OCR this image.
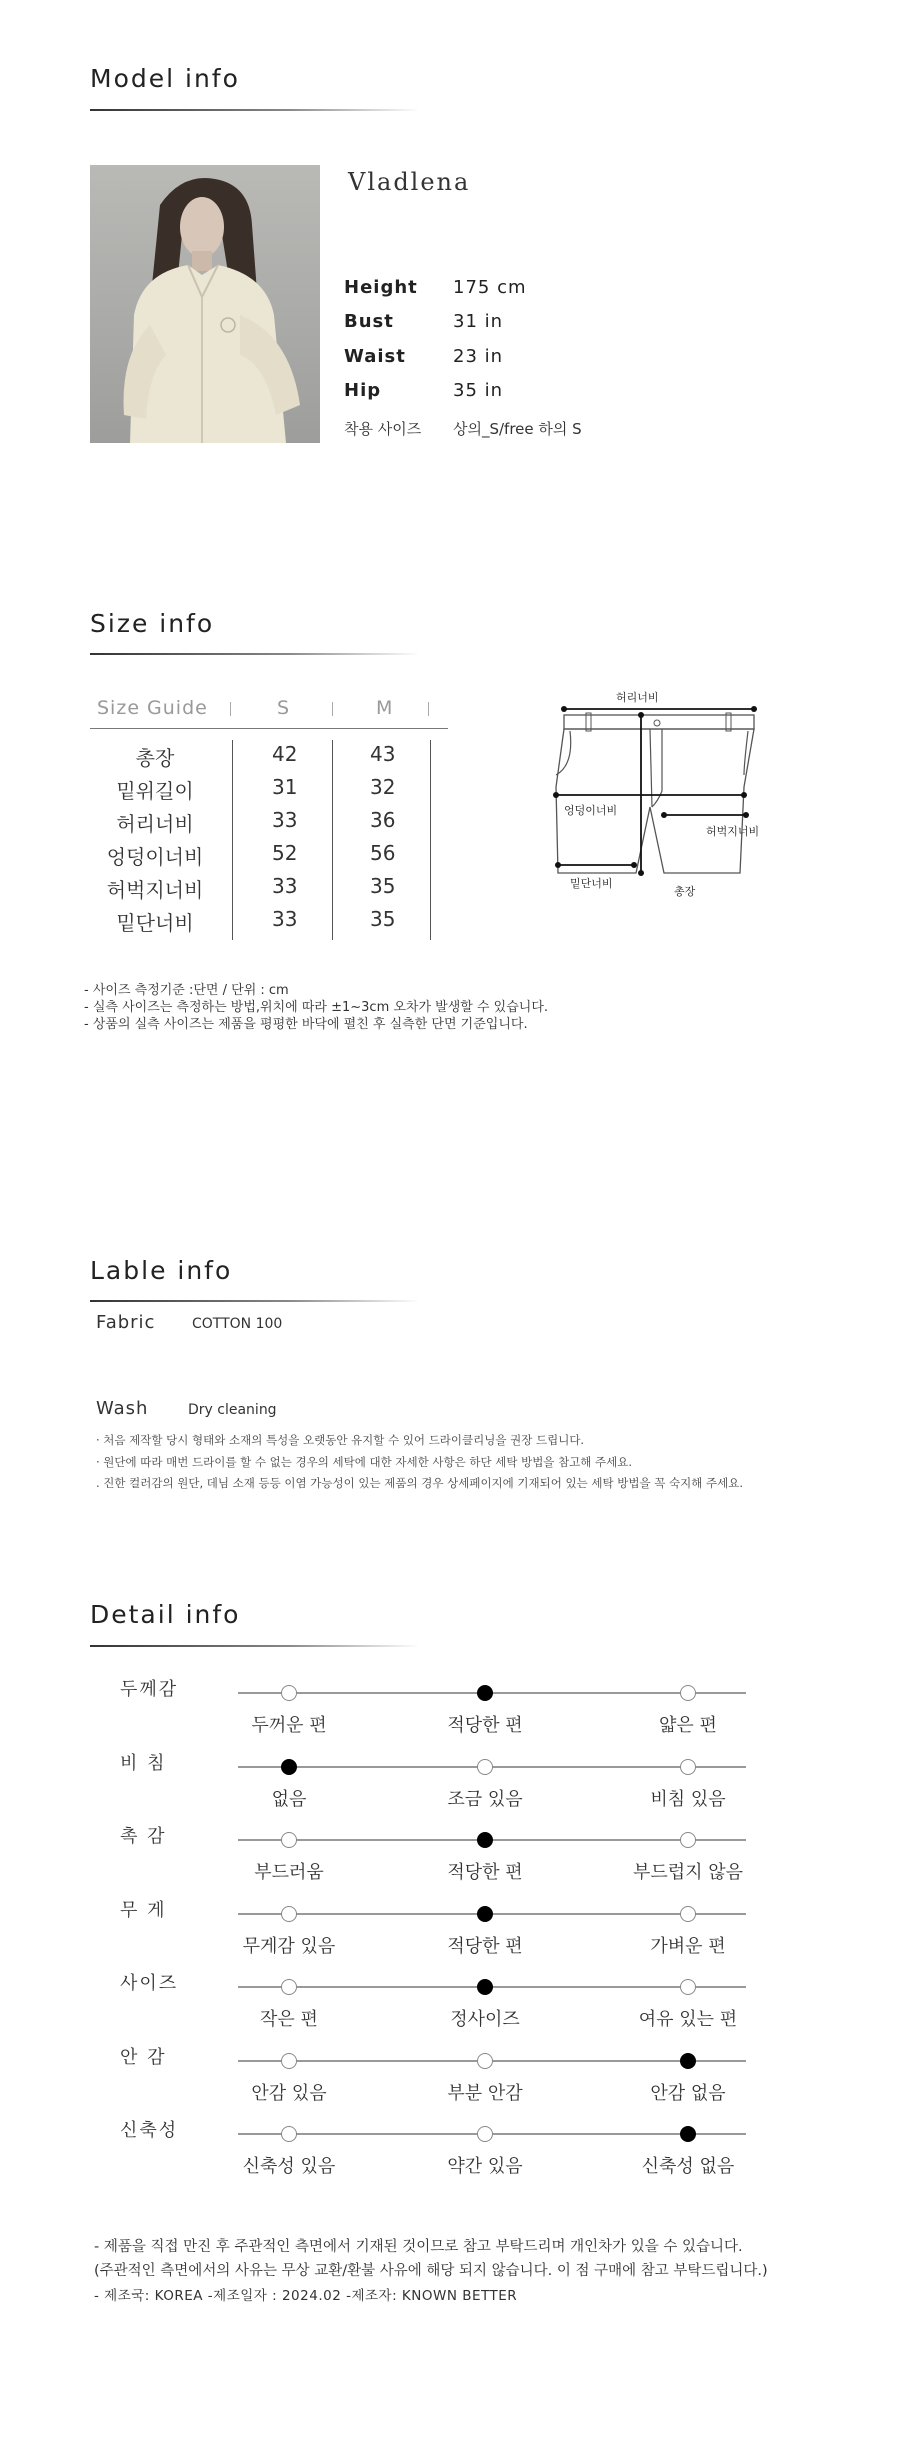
Model info
Vladlena
Height 175 cm
Bust	31 in
Waist	23 in
Hip	35 in
착용 사이즈 상의_S/free 하의 S
Size info
Size Guide	S	M
총장	42	43
밑위길이	31	32
허리너비	33	36
엉덩이너비	52	56
허벅지너비	33	35
밑단너비	33	35
허리너비
엉덩이너비
허벅지너비
밑단너비
총장
- 사이즈 측정기준 :단면 / 단위 : cm
- 실측 사이즈는 측정하는 방법,위치에 따라 ±1~3cm 오차가 발생할 수 있습니다.
- 상품의 실측 사이즈는 제품을 평평한 바닥에 펼친 후 실측한 단면 기준입니다.
Lable info
Fabric	COTTON 100
Wash	Dry cleaning
· 처음 제작할 당시 형태와 소재의 특성을 오랫동안 유지할 수 있어 드라이클리닝을 권장 드립니다.
· 원단에 따라 매번 드라이를 할 수 없는 경우의 세탁에 대한 자세한 사항은 하단 세탁 방법을 참고해 주세요.
. 진한 컬러감의 원단, 데님 소재 등등 이염 가능성이 있는 제품의 경우 상세페이지에 기재되어 있는 세탁 방법을 꼭 숙지해 주세요.
Detail info
두께감
두꺼운 편	적당한 편	얇은 편
비 침
없음	조금 있음	비침 있음
촉 감
부드러움	적당한 편	부드럽지 않음
무 게
무게감 있음	적당한 편	가벼운 편
사이즈
작은 편	정사이즈	여유 있는 편
안 감
안감 있음	부분 안감	안감 없음
신축성
신축성 있음	약간 있음	신축성 없음
- 제품을 직접 만진 후 주관적인 측면에서 기재된 것이므로 참고 부탁드리며 개인차가 있을 수 있습니다.
(주관적인 측면에서의 사유는 무상 교환/환불 사유에 해당 되지 않습니다. 이 점 구매에 참고 부탁드립니다.)
- 제조국: KOREA -제조일자 : 2024.02 -제조자: KNOWN BETTER
